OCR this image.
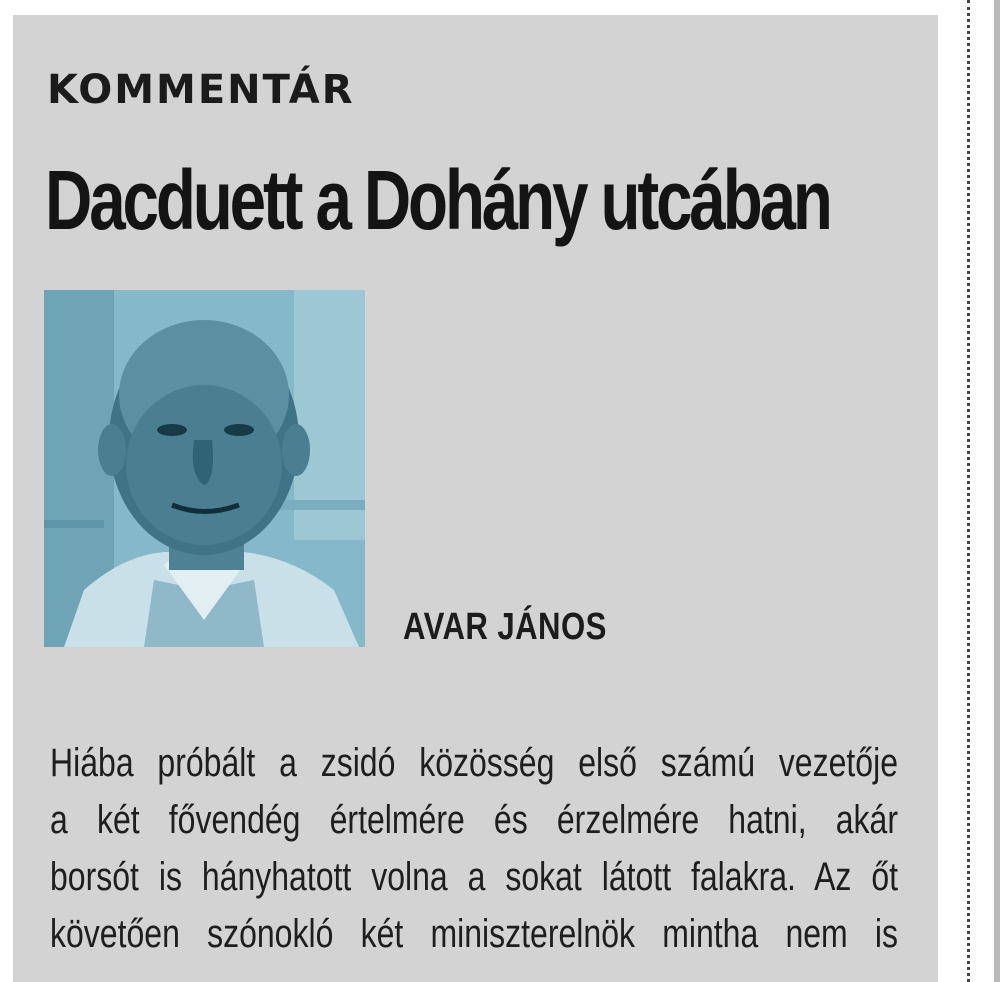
KOMMENTÁR
Dacduett a Dohány utcában
AVAR JÁNOS
Hiába próbált a zsidó közösség első számú vezetője
a két fővendég értelmére és érzelmére hatni, akár
borsót is hányhatott volna a sokat látott falakra. Az őt
követően szónokló két miniszterelnök mintha nem is
